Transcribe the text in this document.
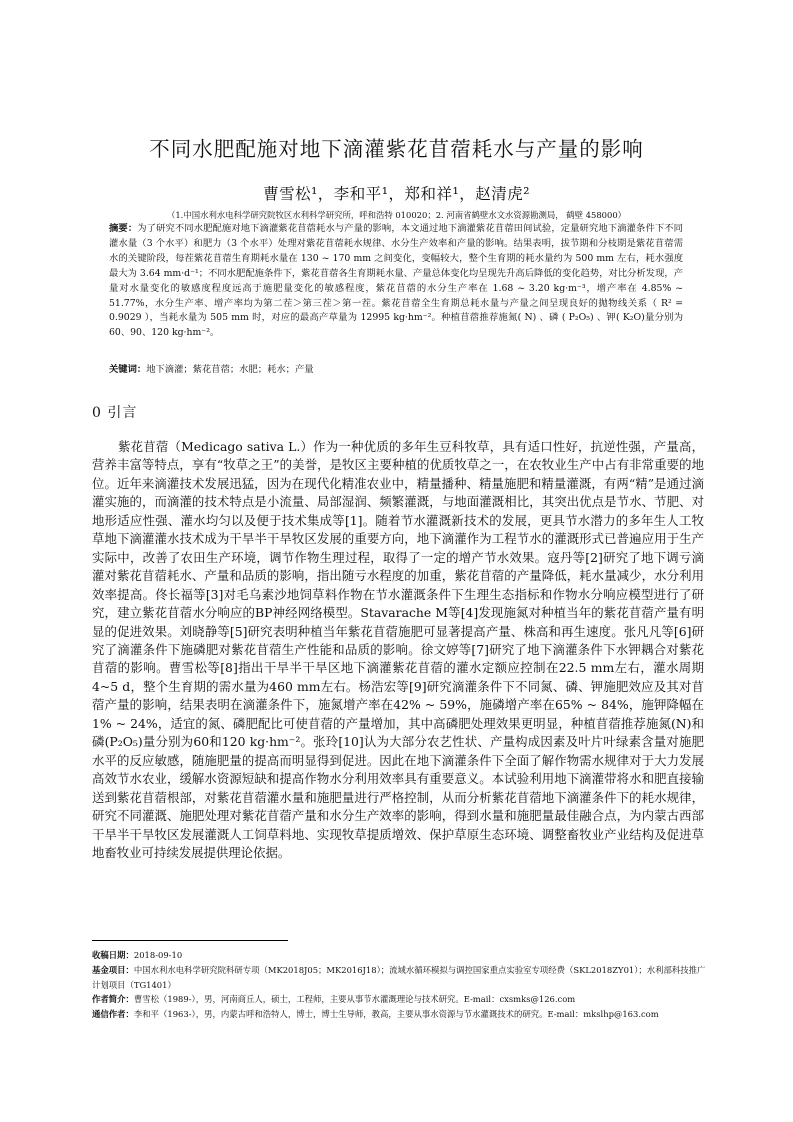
不同水肥配施对地下滴灌紫花苜蓿耗水与产量的影响
曹雪松¹，李和平¹，郑和祥¹，赵清虎²
（1.中国水利水电科学研究院牧区水利科学研究所，呼和浩特 010020；2. 河南省鹤壁水文水资源勘测局， 鹤壁 458000）
摘要：为了研究不同水肥配施对地下滴灌紫花苜蓿耗水与产量的影响，本文通过地下滴灌紫花苜蓿田间试验，定量研究地下滴灌条件下不同灌水量（3 个水平）和肥力（3 个水平）处理对紫花苜蓿耗水规律、水分生产效率和产量的影响。结果表明，拔节期和分枝期是紫花苜蓿需水的关键阶段，每茬紫花苜蓿生育期耗水量在 130 ~ 170 mm 之间变化，变幅较大，整个生育期的耗水量约为 500 mm 左右，耗水强度最大为 3.64 mm·d⁻¹；不同水肥配施条件下，紫花苜蓿各生育期耗水量、产量总体变化均呈现先升高后降低的变化趋势，对比分析发现，产量对水量变化的敏感度程度远高于施肥量变化的敏感程度，紫花苜蓿的水分生产率在 1.68 ~ 3.20 kg·m⁻³，增产率在 4.85% ~ 51.77%，水分生产率、增产率均为第二茬＞第三茬＞第一茬。紫花苜蓿全生育期总耗水量与产量之间呈现良好的抛物线关系（ R² = 0.9029 ），当耗水量为 505 mm 时，对应的最高产草量为 12995 kg·hm⁻²。种植苜蓿推荐施氮( N) 、磷 ( P₂O₅) 、钾( K₂O)量分别为 60、90、120 kg·hm⁻²。
关键词：地下滴灌；紫花苜蓿；水肥；耗水；产量
0 引言
紫花苜蓿（Medicago sativa L.）作为一种优质的多年生豆科牧草，具有适口性好，抗逆性强，产量高，营养丰富等特点，享有“牧草之王”的美誉，是牧区主要种植的优质牧草之一，在农牧业生产中占有非常重要的地位。近年来滴灌技术发展迅猛，因为在现代化精准农业中，精量播种、精量施肥和精量灌溉，有两“精”是通过滴灌实施的，而滴灌的技术特点是小流量、局部湿润、频繁灌溉，与地面灌溉相比，其突出优点是节水、节肥、对地形适应性强、灌水均匀以及便于技术集成等[1]。随着节水灌溉新技术的发展，更具节水潜力的多年生人工牧草地下滴灌灌水技术成为干旱半干旱牧区发展的重要方向，地下滴灌作为工程节水的灌溉形式已普遍应用于生产实际中，改善了农田生产环境，调节作物生理过程，取得了一定的增产节水效果。寇丹等[2]研究了地下调亏滴灌对紫花苜蓿耗水、产量和品质的影响，指出随亏水程度的加重，紫花苜蓿的产量降低，耗水量减少，水分利用效率提高。佟长福等[3]对毛乌素沙地饲草料作物在节水灌溉条件下生理生态指标和作物水分响应模型进行了研究，建立紫花苜蓿水分响应的BP神经网络模型。Stavarache M等[4]发现施氮对种植当年的紫花苜蓿产量有明显的促进效果。刘晓静等[5]研究表明种植当年紫花苜蓿施肥可显著提高产量、株高和再生速度。张凡凡等[6]研究了滴灌条件下施磷肥对紫花苜蓿生产性能和品质的影响。徐文婷等[7]研究了地下滴灌条件下水钾耦合对紫花苜蓿的影响。曹雪松等[8]指出干旱半干旱区地下滴灌紫花苜蓿的灌水定额应控制在22.5 mm左右，灌水周期4~5 d，整个生育期的需水量为460 mm左右。杨浩宏等[9]研究滴灌条件下不同氮、磷、钾施肥效应及其对苜蓿产量的影响，结果表明在滴灌条件下，施氮增产率在42% ~ 59%，施磷增产率在65% ~ 84%，施钾降幅在1% ~ 24%，适宜的氮、磷肥配比可使苜蓿的产量增加，其中高磷肥处理效果更明显，种植苜蓿推荐施氮(N)和磷(P₂O₅)量分别为60和120 kg·hm⁻²。张玲[10]认为大部分农艺性状、产量构成因素及叶片叶绿素含量对施肥水平的反应敏感，随施肥量的提高而明显得到促进。因此在地下滴灌条件下全面了解作物需水规律对于大力发展高效节水农业，缓解水资源短缺和提高作物水分利用效率具有重要意义。本试验利用地下滴灌带将水和肥直接输送到紫花苜蓿根部，对紫花苜蓿灌水量和施肥量进行严格控制，从而分析紫花苜蓿地下滴灌条件下的耗水规律，研究不同灌溉、施肥处理对紫花苜蓿产量和水分生产效率的影响，得到水量和施肥量最佳融合点，为内蒙古西部干旱半干旱牧区发展灌溉人工饲草料地、实现牧草提质增效、保护草原生态环境、调整畜牧业产业结构及促进草地畜牧业可持续发展提供理论依据。

收稿日期：2018-09-10

基金项目：中国水利水电科学研究院科研专项（MK2018J05；MK2016J18）；流域水循环模拟与调控国家重点实验室专项经费（SKL2018ZY01）；水利部科技推广计划项目（TG1401）

作者简介：曹雪松（1989-），男，河南商丘人，硕士，工程师，主要从事节水灌溉理论与技术研究。E-mail：cxsmks@126.com

通信作者：李和平（1963-），男，内蒙古呼和浩特人，博士，博士生导师，教高，主要从事水资源与节水灌溉技术的研究。E-mail：mkslhp@163.com
